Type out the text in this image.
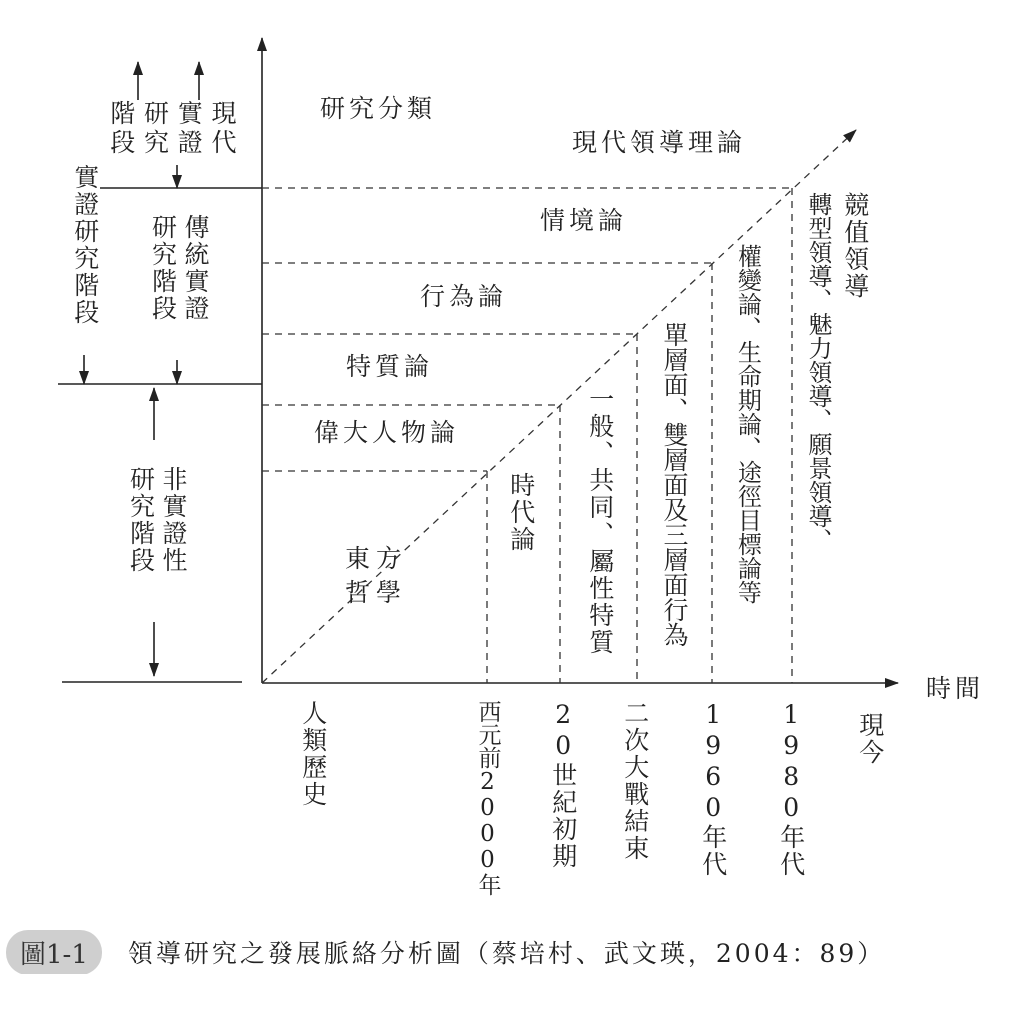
研究分類
現代領導理論
情境論
行為論
特質論
偉大人物論
東方哲學
時間
時代論 一般、共同、屬性特質 單層面、雙層面及三層面行為 權變論、生命期論、途徑目標論等	競值領導
轉型領導、魅力領導、願景領導、
人類歷史	西元前2000年 20世紀初期 二次大戰結束 1960年代 1980年代 現今
現代實證研究階段
實證研究階段	傳統實證研究階段
非實證性研究階段
圖1-1	領導研究之發展脈絡分析圖（蔡培村、武文瑛，2004：89）
